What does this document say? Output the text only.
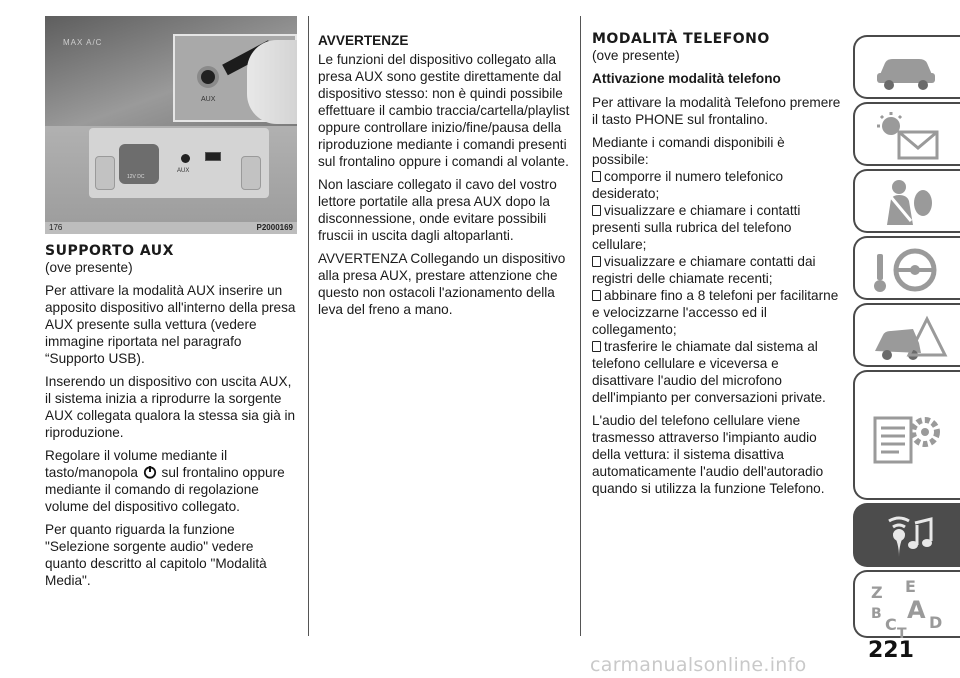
MAX A/C
AUX
12V DC
AUX
176	P2000169
SUPPORTO AUX
(ove presente)

Per attivare la modalità AUX inserire un apposito dispositivo all'interno della presa AUX presente sulla vettura (vedere immagine riportata nel paragrafo “Supporto USB).

Inserendo un dispositivo con uscita AUX, il sistema inizia a riprodurre la sorgente AUX collegata qualora la stessa sia già in riproduzione.

Regolare il volume mediante il tasto/manopola sul frontalino oppure mediante il comando di regolazione volume del dispositivo collegato.

Per quanto riguarda la funzione "Selezione sorgente audio" vedere quanto descritto al capitolo "Modalità Media".

AVVERTENZE

Le funzioni del dispositivo collegato alla presa AUX sono gestite direttamente dal dispositivo stesso: non è quindi possibile effettuare il cambio traccia/cartella/playlist oppure controllare inizio/fine/pausa della riproduzione mediante i comandi presenti sul frontalino oppure i comandi al volante.

Non lasciare collegato il cavo del vostro lettore portatile alla presa AUX dopo la disconnessione, onde evitare possibili fruscii in uscita dagli altoparlanti.

AVVERTENZA Collegando un dispositivo alla presa AUX, prestare attenzione che questo non ostacoli l'azionamento della leva del freno a mano.

MODALITÀ TELEFONO
(ove presente)
Attivazione modalità telefono

Per attivare la modalità Telefono premere il tasto PHONE sul frontalino.

Mediante i comandi disponibili è possibile:

comporre il numero telefonico desiderato;
visualizzare e chiamare i contatti presenti sulla rubrica del telefono cellulare;
visualizzare e chiamare contatti dai registri delle chiamate recenti;
abbinare fino a 8 telefoni per facilitarne e velocizzarne l'accesso ed il collegamento;
trasferire le chiamate dal sistema al telefono cellulare e viceversa e disattivare l'audio del microfono dell'impianto per conversazioni private.

L'audio del telefono cellulare viene trasmesso attraverso l'impianto audio della vettura: il sistema disattiva automaticamente l'audio dell'autoradio quando si utilizza la funzione Telefono.

Z E
B A
C D
T
221
carmanualsonline.info
